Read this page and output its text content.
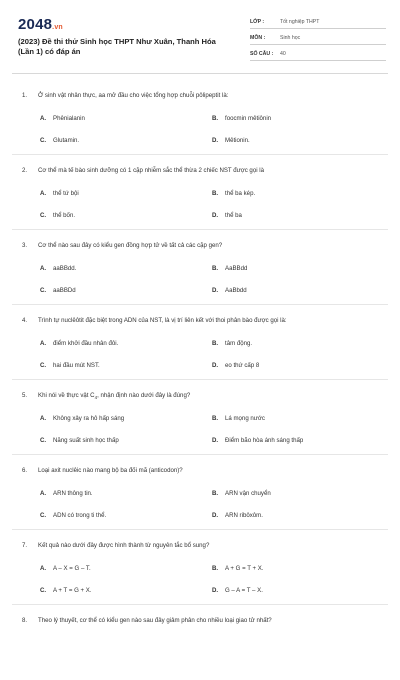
2048.vn
(2023) Đề thi thử Sinh học THPT Như Xuân, Thanh Hóa (Lần 1) có đáp án
LỚP :	Tốt nghiệp THPT
MÔN :	Sinh học
SỐ CÂU :	40
1. Ở sinh vật nhân thực, aa mở đầu cho việc tổng hợp chuỗi pôlipeptit là:
A. Phênialanin	B. foocmin mêtiônin
C. Glutamin.	D. Mêtionin.
2. Cơ thể mà tế bào sinh dưỡng có 1 cặp nhiễm sắc thể thừa 2 chiếc NST được gọi là
A. thể tứ bội	B. thể ba kép.
C. thể bốn.	D. thể ba
3. Cơ thể nào sau đây có kiểu gen đồng hợp tử về tất cả các cặp gen?
A. aaBBdd.	B. AaBBdd
C. aaBBDd	D. AaBbdd
4. Trình tự nuclêôtit đặc biệt trong ADN của NST, là vị trí liên kết với thoi phân bào được gọi là:
A. điểm khởi đầu nhân đôi.	B. tâm động.
C. hai đầu mút NST.	D. eo thứ cấp 8
5. Khi nói về thực vật $C_4$, nhận định nào dưới đây là đúng?
A. Không xảy ra hô hấp sáng	B. Lá mọng nước
C. Năng suất sinh học thấp	D. Điểm bão hòa ánh sáng thấp
6. Loại axit nuclêic nào mang bộ ba đối mã (anticodon)?
A. ARN thông tin.	B. ARN vận chuyển
C. ADN có trong ti thể.	D. ARN ribôxôm.
7. Kết quả nào dưới đây được hình thành từ nguyên tắc bổ sung?
A. A – X = G – T.	B. A + G = T + X.
C. A + T = G + X.	D. G – A = T – X.
8. Theo lý thuyết, cơ thể có kiểu gen nào sau đây giảm phân cho nhiều loại giao tử nhất?
